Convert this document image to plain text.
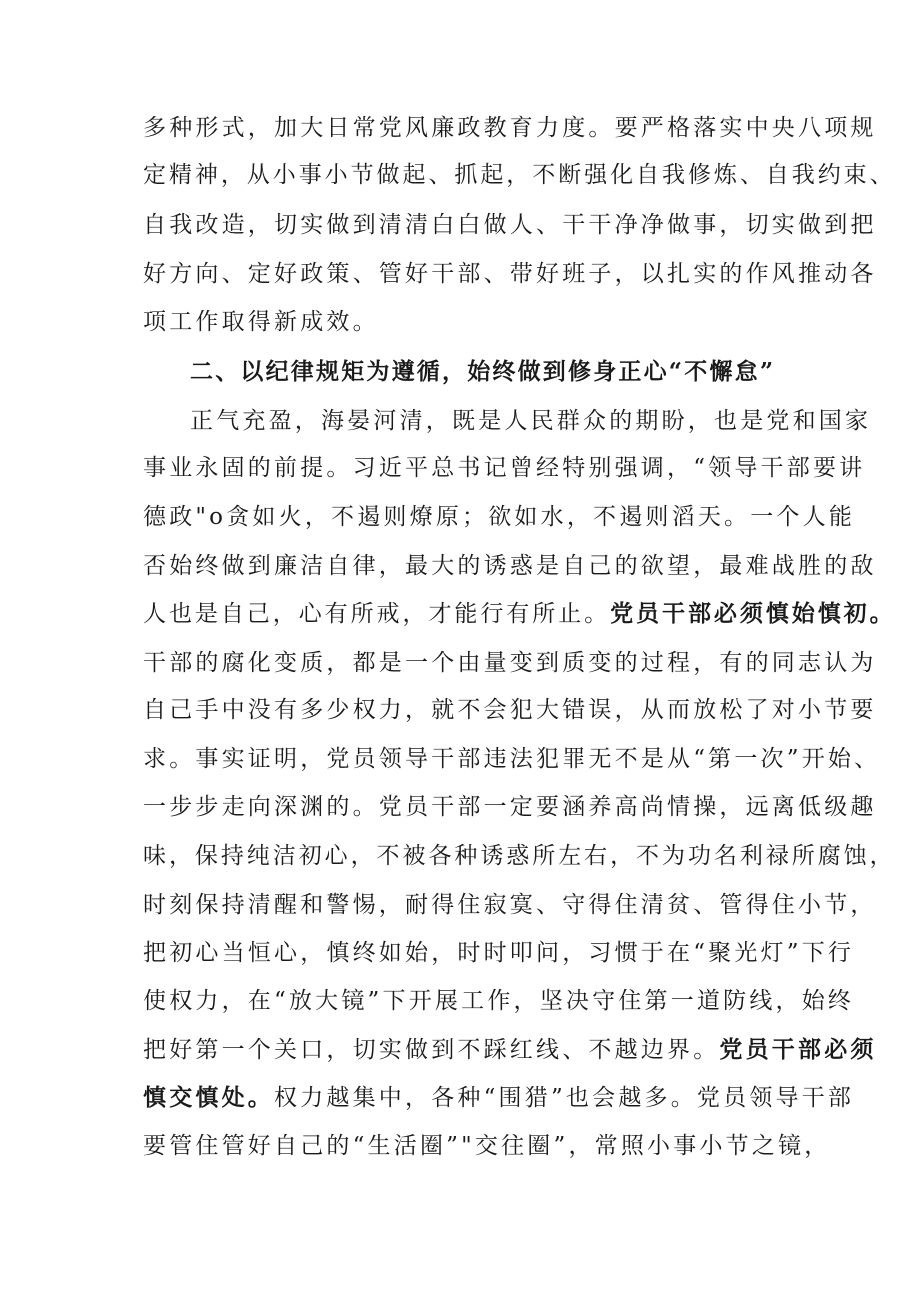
多种形式，加大日常党风廉政教育力度。要严格落实中央八项规
定精神，从小事小节做起、抓起，不断强化自我修炼、自我约束、
自我改造，切实做到清清白白做人、干干净净做事，切实做到把
好方向、定好政策、管好干部、带好班子，以扎实的作风推动各
项工作取得新成效。
二、以纪律规矩为遵循，始终做到修身正心“不懈怠”
正气充盈，海晏河清，既是人民群众的期盼，也是党和国家
事业永固的前提。习近平总书记曾经特别强调，“领导干部要讲
德政"o贪如火，不遏则燎原；欲如水，不遏则滔天。一个人能
否始终做到廉洁自律，最大的诱惑是自己的欲望，最难战胜的敌
人也是自己，心有所戒，才能行有所止。党员干部必须慎始慎初。
干部的腐化变质，都是一个由量变到质变的过程，有的同志认为
自己手中没有多少权力，就不会犯大错误，从而放松了对小节要
求。事实证明，党员领导干部违法犯罪无不是从“第一次”开始、
一步步走向深渊的。党员干部一定要涵养高尚情操，远离低级趣
味，保持纯洁初心，不被各种诱惑所左右，不为功名利禄所腐蚀，
时刻保持清醒和警惕，耐得住寂寞、守得住清贫、管得住小节，
把初心当恒心，慎终如始，时时叩问，习惯于在“聚光灯”下行
使权力，在“放大镜”下开展工作，坚决守住第一道防线，始终
把好第一个关口，切实做到不踩红线、不越边界。党员干部必须
慎交慎处。权力越集中，各种“围猎”也会越多。党员领导干部
要管住管好自己的“生活圈”"交往圈”，常照小事小节之镜，
